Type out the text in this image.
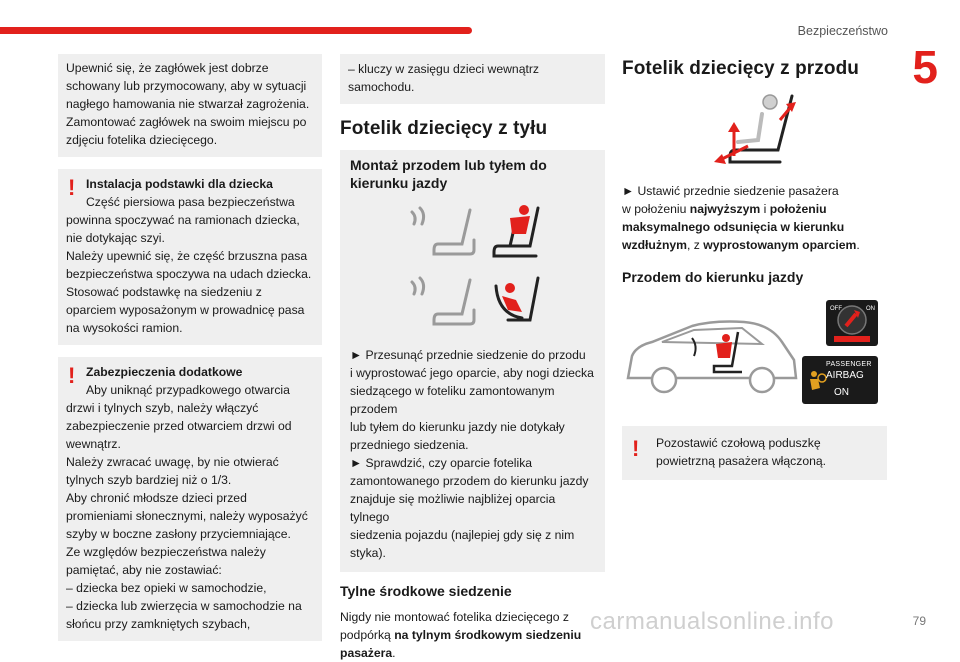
Bezpieczeństwo
5
Upewnić się, że zagłówek jest dobrze
schowany lub przymocowany, aby w sytuacji
nagłego hamowania nie stwarzał zagrożenia.
Zamontować zagłówek na swoim miejscu po
zdjęciu fotelika dziecięcego.
! Instalacja podstawki dla dziecka
Część piersiowa pasa bezpieczeństwa
powinna spoczywać na ramionach dziecka,
nie dotykając szyi.
Należy upewnić się, że część brzuszna pasa
bezpieczeństwa spoczywa na udach dziecka.
Stosować podstawkę na siedzeniu z
oparciem wyposażonym w prowadnicę pasa
na wysokości ramion.
! Zabezpieczenia dodatkowe
Aby uniknąć przypadkowego otwarcia
drzwi i tylnych szyb, należy włączyć
zabezpieczenie przed otwarciem drzwi od
wewnątrz.
Należy zwracać uwagę, by nie otwierać
tylnych szyb bardziej niż o 1/3.
Aby chronić młodsze dzieci przed
promieniami słonecznymi, należy wyposażyć
szyby w boczne zasłony przyciemniające.
Ze względów bezpieczeństwa należy
pamiętać, aby nie zostawiać:
– dziecka bez opieki w samochodzie,
– dziecka lub zwierzęcia w samochodzie na
słońcu przy zamkniętych szybach,
– kluczy w zasięgu dzieci wewnątrz
samochodu.
Fotelik dziecięcy z tyłu
Montaż przodem lub tyłem do
kierunku jazdy

► Przesunąć przednie siedzenie do przodu

i wyprostować jego oparcie, aby nogi dziecka

siedzącego w foteliku zamontowanym przodem

lub tyłem do kierunku jazdy nie dotykały

przedniego siedzenia.

► Sprawdzić, czy oparcie fotelika

zamontowanego przodem do kierunku jazdy

znajduje się możliwie najbliżej oparcia tylnego

siedzenia pojazdu (najlepiej gdy się z nim styka).

Tylne środkowe siedzenie

Nigdy nie montować fotelika dziecięcego z

podpórką na tylnym środkowym siedzeniu

pasażera.

Fotelik dziecięcy z przodu

► Ustawić przednie siedzenie pasażera

w położeniu najwyższym i położeniu

maksymalnego odsunięcia w kierunku

wzdłużnym, z wyprostowanym oparciem.

Przodem do kierunku jazdy
OFF	ON
PASSENGER
AIRBAG
ON
! Pozostawić czołową poduszkę
powietrzną pasażera włączoną.
carmanualsonline.info	79
